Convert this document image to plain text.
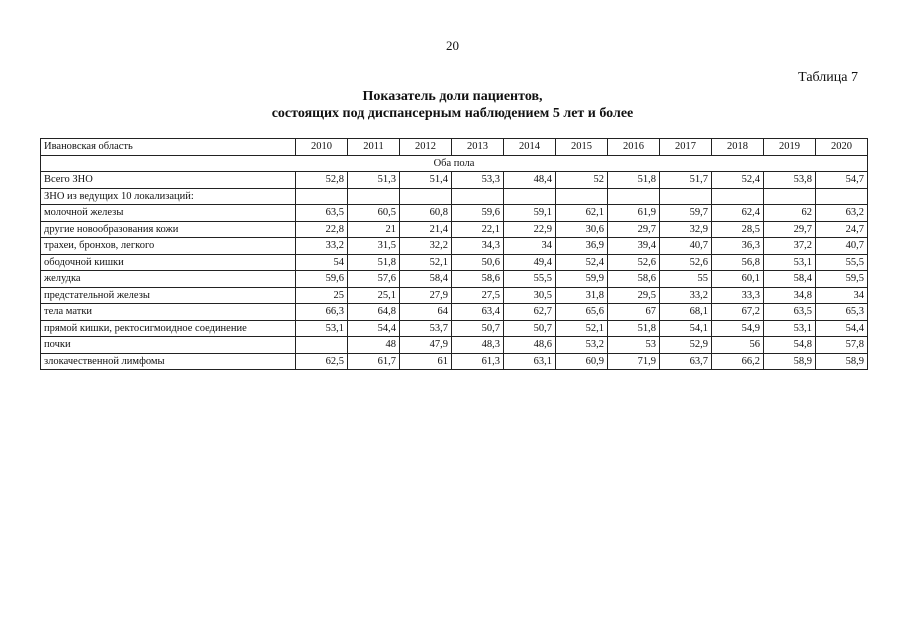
20
Таблица 7
Показатель доли пациентов,
состоящих под диспансерным наблюдением 5 лет и более
Ивановская область	2010	2011	2012	2013	2014	2015	2016	2017	2018	2019	2020
Оба пола											
Всего ЗНО	52,8	51,3	51,4	53,3	48,4	52	51,8	51,7	52,4	53,8	54,7
ЗНО из ведущих 10 локализаций:											
молочной железы	63,5	60,5	60,8	59,6	59,1	62,1	61,9	59,7	62,4	62	63,2
другие новообразования кожи	22,8	21	21,4	22,1	22,9	30,6	29,7	32,9	28,5	29,7	24,7
трахеи, бронхов, легкого	33,2	31,5	32,2	34,3	34	36,9	39,4	40,7	36,3	37,2	40,7
ободочной кишки	54	51,8	52,1	50,6	49,4	52,4	52,6	52,6	56,8	53,1	55,5
желудка	59,6	57,6	58,4	58,6	55,5	59,9	58,6	55	60,1	58,4	59,5
предстательной железы	25	25,1	27,9	27,5	30,5	31,8	29,5	33,2	33,3	34,8	34
тела матки	66,3	64,8	64	63,4	62,7	65,6	67	68,1	67,2	63,5	65,3
прямой кишки, ректосигмоидное соединение	53,1	54,4	53,7	50,7	50,7	52,1	51,8	54,1	54,9	53,1	54,4
почки		48	47,9	48,3	48,6	53,2	53	52,9	56	54,8	57,8
злокачественной лимфомы	62,5	61,7	61	61,3	63,1	60,9	71,9	63,7	66,2	58,9	58,9
